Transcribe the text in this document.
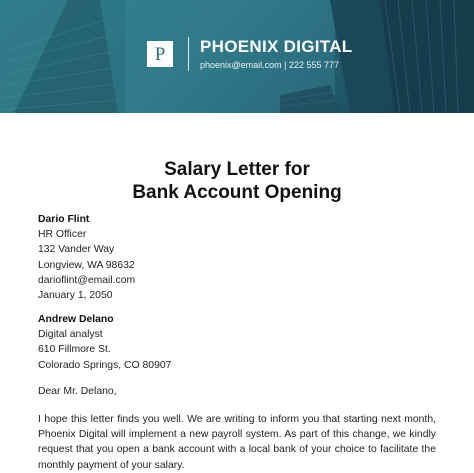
P PHOENIX DIGITAL
phoenix@email.com | 222 555 777
Salary Letter for
Bank Account Opening
Dario Flint
HR Officer
132 Vander Way
Longview, WA 98632
darioflint@email.com
January 1, 2050
Andrew Delano
Digital analyst
610 Fillmore St.
Colorado Springs, CO 80907
Dear Mr. Delano,
I hope this letter finds you well. We are writing to inform you that starting next month,
Phoenix Digital will implement a new payroll system. As part of this change, we kindly
request that you open a bank account with a local bank of your choice to facilitate the
monthly payment of your salary.
